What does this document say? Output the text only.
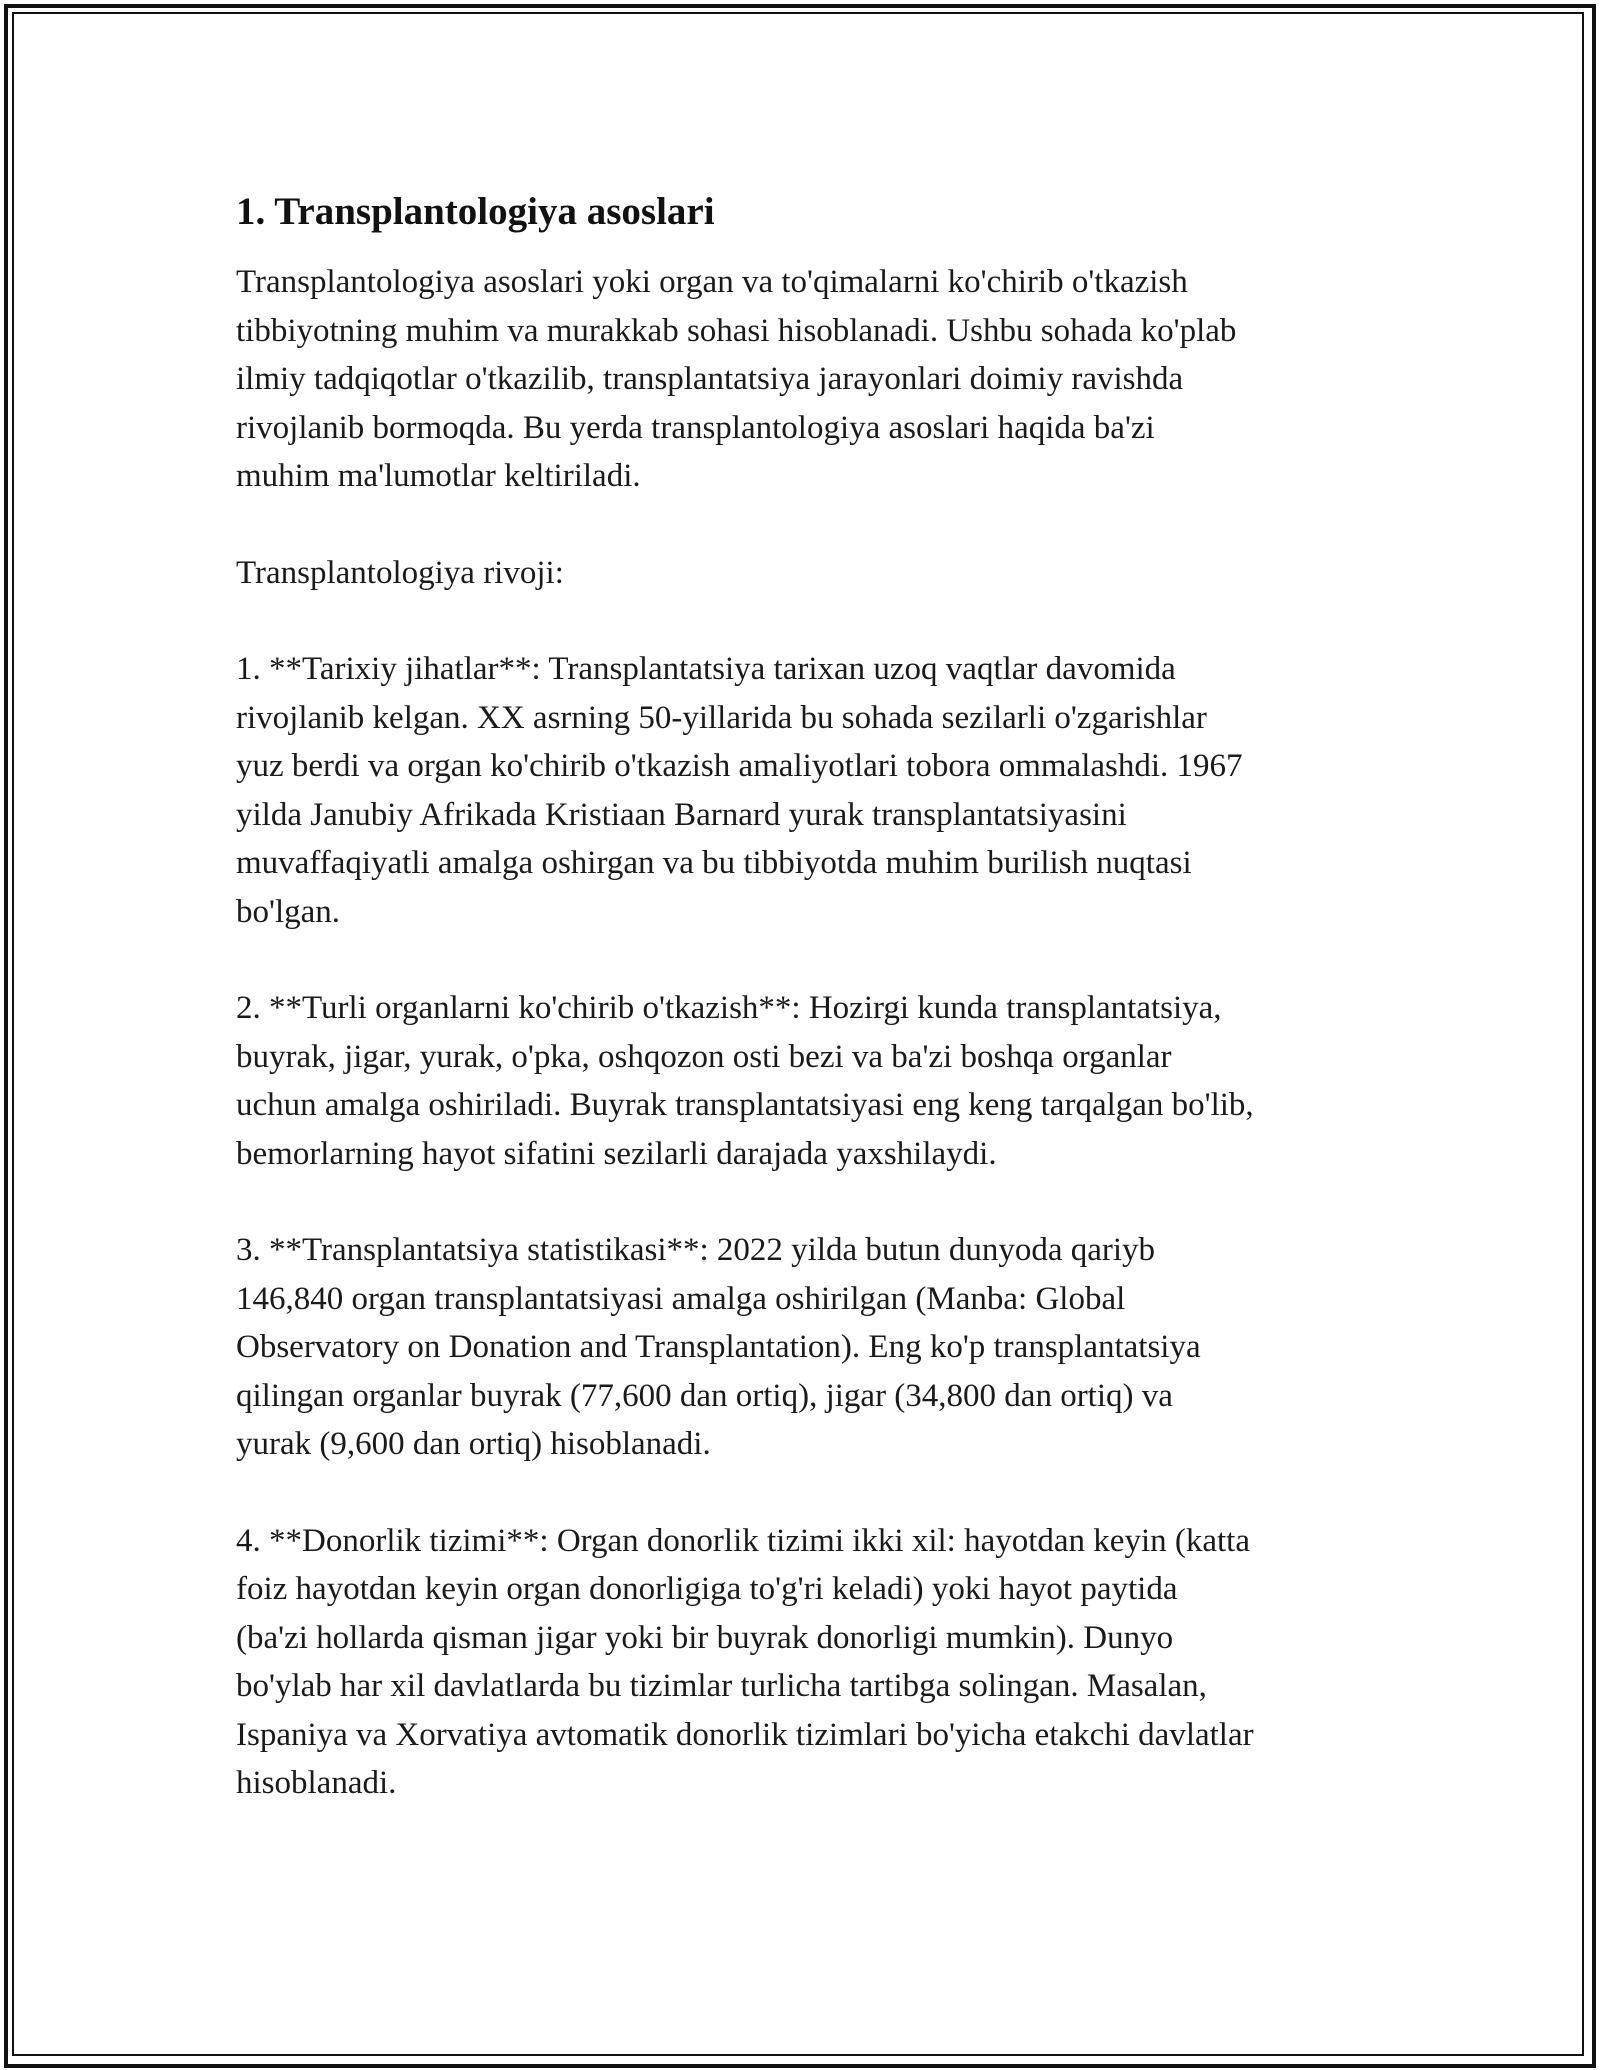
1. Transplantologiya asoslari

Transplantologiya asoslari yoki organ va to'qimalarni ko'chirib o'tkazish
tibbiyotning muhim va murakkab sohasi hisoblanadi. Ushbu sohada ko'plab
ilmiy tadqiqotlar o'tkazilib, transplantatsiya jarayonlari doimiy ravishda
rivojlanib bormoqda. Bu yerda transplantologiya asoslari haqida ba'zi
muhim ma'lumotlar keltiriladi.

Transplantologiya rivoji:

1. **Tarixiy jihatlar**: Transplantatsiya tarixan uzoq vaqtlar davomida
rivojlanib kelgan. XX asrning 50-yillarida bu sohada sezilarli o'zgarishlar
yuz berdi va organ ko'chirib o'tkazish amaliyotlari tobora ommalashdi. 1967
yilda Janubiy Afrikada Kristiaan Barnard yurak transplantatsiyasini
muvaffaqiyatli amalga oshirgan va bu tibbiyotda muhim burilish nuqtasi
bo'lgan.

2. **Turli organlarni ko'chirib o'tkazish**: Hozirgi kunda transplantatsiya,
buyrak, jigar, yurak, o'pka, oshqozon osti bezi va ba'zi boshqa organlar
uchun amalga oshiriladi. Buyrak transplantatsiyasi eng keng tarqalgan bo'lib,
bemorlarning hayot sifatini sezilarli darajada yaxshilaydi.

3. **Transplantatsiya statistikasi**: 2022 yilda butun dunyoda qariyb
146,840 organ transplantatsiyasi amalga oshirilgan (Manba: Global
Observatory on Donation and Transplantation). Eng ko'p transplantatsiya
qilingan organlar buyrak (77,600 dan ortiq), jigar (34,800 dan ortiq) va
yurak (9,600 dan ortiq) hisoblanadi.

4. **Donorlik tizimi**: Organ donorlik tizimi ikki xil: hayotdan keyin (katta
foiz hayotdan keyin organ donorligiga to'g'ri keladi) yoki hayot paytida
(ba'zi hollarda qisman jigar yoki bir buyrak donorligi mumkin). Dunyo
bo'ylab har xil davlatlarda bu tizimlar turlicha tartibga solingan. Masalan,
Ispaniya va Xorvatiya avtomatik donorlik tizimlari bo'yicha etakchi davlatlar
hisoblanadi.
